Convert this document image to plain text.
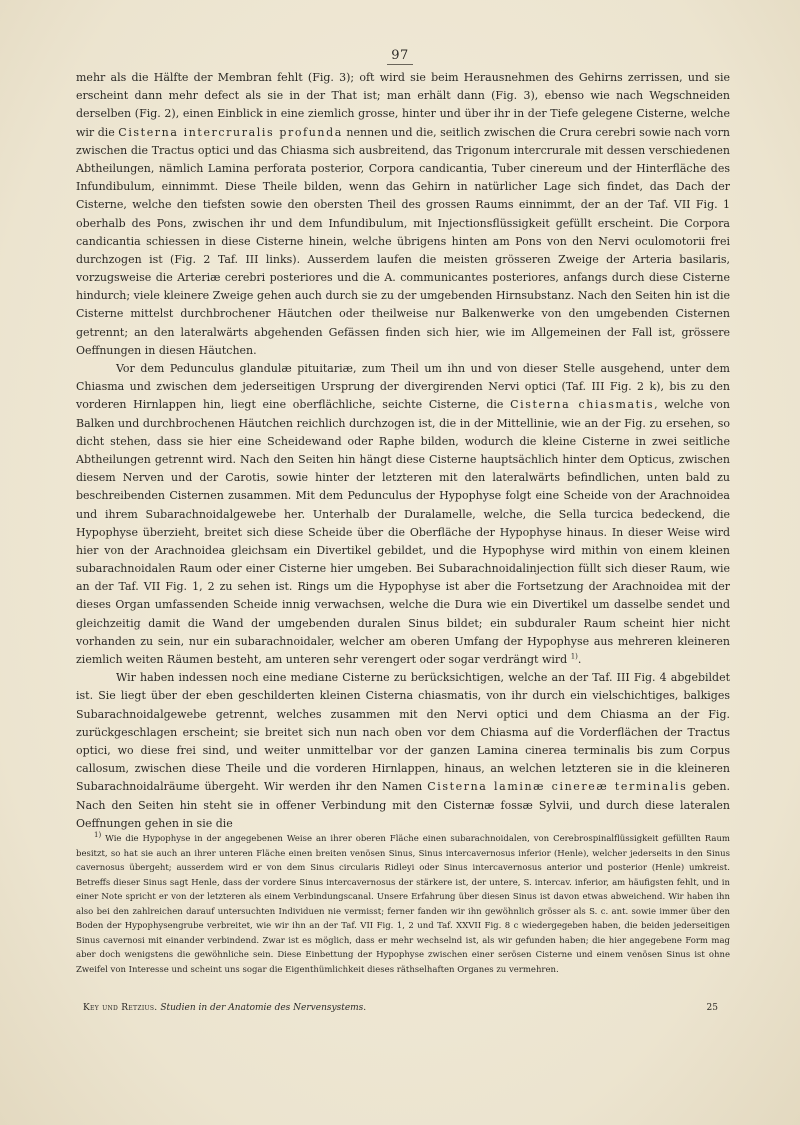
97

mehr als die Hälfte der Membran fehlt (Fig. 3); oft wird sie beim Herausnehmen des Gehirns zerrissen, und sie erscheint dann mehr defect als sie in der That ist; man erhält dann (Fig. 3), ebenso wie nach Wegschneiden derselben (Fig. 2), einen Einblick in eine ziemlich grosse, hinter und über ihr in der Tiefe gelegene Cisterne, welche wir die Cisterna intercruralis profunda nennen und die, seitlich zwischen die Crura cerebri sowie nach vorn zwischen die Tractus optici und das Chiasma sich ausbreitend, das Trigonum intercrurale mit dessen verschiedenen Abtheilungen, nämlich Lamina perforata posterior, Corpora candicantia, Tuber cinereum und der Hinterfläche des Infundibulum, einnimmt. Diese Theile bilden, wenn das Gehirn in natürlicher Lage sich findet, das Dach der Cisterne, welche den tiefsten sowie den obersten Theil des grossen Raums einnimmt, der an der Taf. VII Fig. 1 oberhalb des Pons, zwischen ihr und dem Infundibulum, mit Injectionsflüssigkeit gefüllt erscheint. Die Corpora candicantia schiessen in diese Cisterne hinein, welche übrigens hinten am Pons von den Nervi oculomotorii frei durchzogen ist (Fig. 2 Taf. III links). Ausserdem laufen die meisten grösseren Zweige der Arteria basilaris, vorzugsweise die Arteriæ cerebri posteriores und die A. communicantes posteriores, anfangs durch diese Cisterne hindurch; viele kleinere Zweige gehen auch durch sie zu der umgebenden Hirnsubstanz. Nach den Seiten hin ist die Cisterne mittelst durchbrochener Häutchen oder theilweise nur Balkenwerke von den umgebenden Cisternen getrennt; an den lateralwärts abgehenden Gefässen finden sich hier, wie im Allgemeinen der Fall ist, grössere Oeffnungen in diesen Häutchen.

Vor dem Pedunculus glandulæ pituitariæ, zum Theil um ihn und von dieser Stelle ausgehend, unter dem Chiasma und zwischen dem jederseitigen Ursprung der divergirenden Nervi optici (Taf. III Fig. 2 k), bis zu den vorderen Hirnlappen hin, liegt eine oberflächliche, seichte Cisterne, die Cisterna chiasmatis, welche von Balken und durchbrochenen Häutchen reichlich durchzogen ist, die in der Mittellinie, wie an der Fig. zu ersehen, so dicht stehen, dass sie hier eine Scheidewand oder Raphe bilden, wodurch die kleine Cisterne in zwei seitliche Abtheilungen getrennt wird. Nach den Seiten hin hängt diese Cisterne hauptsächlich hinter dem Opticus, zwischen diesem Nerven und der Carotis, sowie hinter der letzteren mit den lateralwärts befindlichen, unten bald zu beschreibenden Cisternen zusammen. Mit dem Pedunculus der Hypophyse folgt eine Scheide von der Arachnoidea und ihrem Subarachnoidalgewebe her. Unterhalb der Duralamelle, welche, die Sella turcica bedeckend, die Hypophyse überzieht, breitet sich diese Scheide über die Oberfläche der Hypophyse hinaus. In dieser Weise wird hier von der Arachnoidea gleichsam ein Divertikel gebildet, und die Hypophyse wird mithin von einem kleinen subarachnoidalen Raum oder einer Cisterne hier umgeben. Bei Subarachnoidalinjection füllt sich dieser Raum, wie an der Taf. VII Fig. 1, 2 zu sehen ist. Rings um die Hypophyse ist aber die Fortsetzung der Arachnoidea mit der dieses Organ umfassenden Scheide innig verwachsen, welche die Dura wie ein Divertikel um dasselbe sendet und gleichzeitig damit die Wand der umgebenden duralen Sinus bildet; ein subduraler Raum scheint hier nicht vorhanden zu sein, nur ein subarachnoidaler, welcher am oberen Umfang der Hypophyse aus mehreren kleineren ziemlich weiten Räumen besteht, am unteren sehr verengert oder sogar verdrängt wird $^{1)}$.

Wir haben indessen noch eine mediane Cisterne zu berücksichtigen, welche an der Taf. III Fig. 4 abgebildet ist. Sie liegt über der eben geschilderten kleinen Cisterna chiasmatis, von ihr durch ein vielschichtiges, balkiges Subarachnoidalgewebe getrennt, welches zusammen mit den Nervi optici und dem Chiasma an der Fig. zurückgeschlagen erscheint; sie breitet sich nun nach oben vor dem Chiasma auf die Vorderflächen der Tractus optici, wo diese frei sind, und weiter unmittelbar vor der ganzen Lamina cinerea terminalis bis zum Corpus callosum, zwischen diese Theile und die vorderen Hirnlappen, hinaus, an welchen letzteren sie in die kleineren Subarachnoidalräume übergeht. Wir werden ihr den Namen Cisterna laminæ cinereæ terminalis geben. Nach den Seiten hin steht sie in offener Verbindung mit den Cisternæ fossæ Sylvii, und durch diese lateralen Oeffnungen gehen in sie die

$^{1)}$ Wie die Hypophyse in der angegebenen Weise an ihrer oberen Fläche einen subarachnoidalen, von Cerebrospinalflüssigkeit gefüllten Raum besitzt, so hat sie auch an ihrer unteren Fläche einen breiten venösen Sinus, Sinus intercavernosus inferior (Henle), welcher jederseits in den Sinus cavernosus übergeht; ausserdem wird er von dem Sinus circularis Ridleyi oder Sinus intercavernosus anterior und posterior (Henle) umkreist. Betreffs dieser Sinus sagt Henle, dass der vordere Sinus intercavernosus der stärkere ist, der untere, S. intercav. inferior, am häufigsten fehlt, und in einer Note spricht er von der letzteren als einem Verbindungscanal. Unsere Erfahrung über diesen Sinus ist davon etwas abweichend. Wir haben ihn also bei den zahlreichen darauf untersuchten Individuen nie vermisst; ferner fanden wir ihn gewöhnlich grösser als S. c. ant. sowie immer über den Boden der Hypophysengrube verbreitet, wie wir ihn an der Taf. VII Fig. 1, 2 und Taf. XXVII Fig. 8 c wiedergegeben haben, die beiden jederseitigen Sinus cavernosi mit einander verbindend. Zwar ist es möglich, dass er mehr wechselnd ist, als wir gefunden haben; die hier angegebene Form mag aber doch wenigstens die gewöhnliche sein. Diese Einbettung der Hypophyse zwischen einer serösen Cisterne und einem venösen Sinus ist ohne Zweifel von Interesse und scheint uns sogar die Eigenthümlichkeit dieses räthselhaften Organes zu vermehren.

Key und Retzius. Studien in der Anatomie des Nervensystems.	25
